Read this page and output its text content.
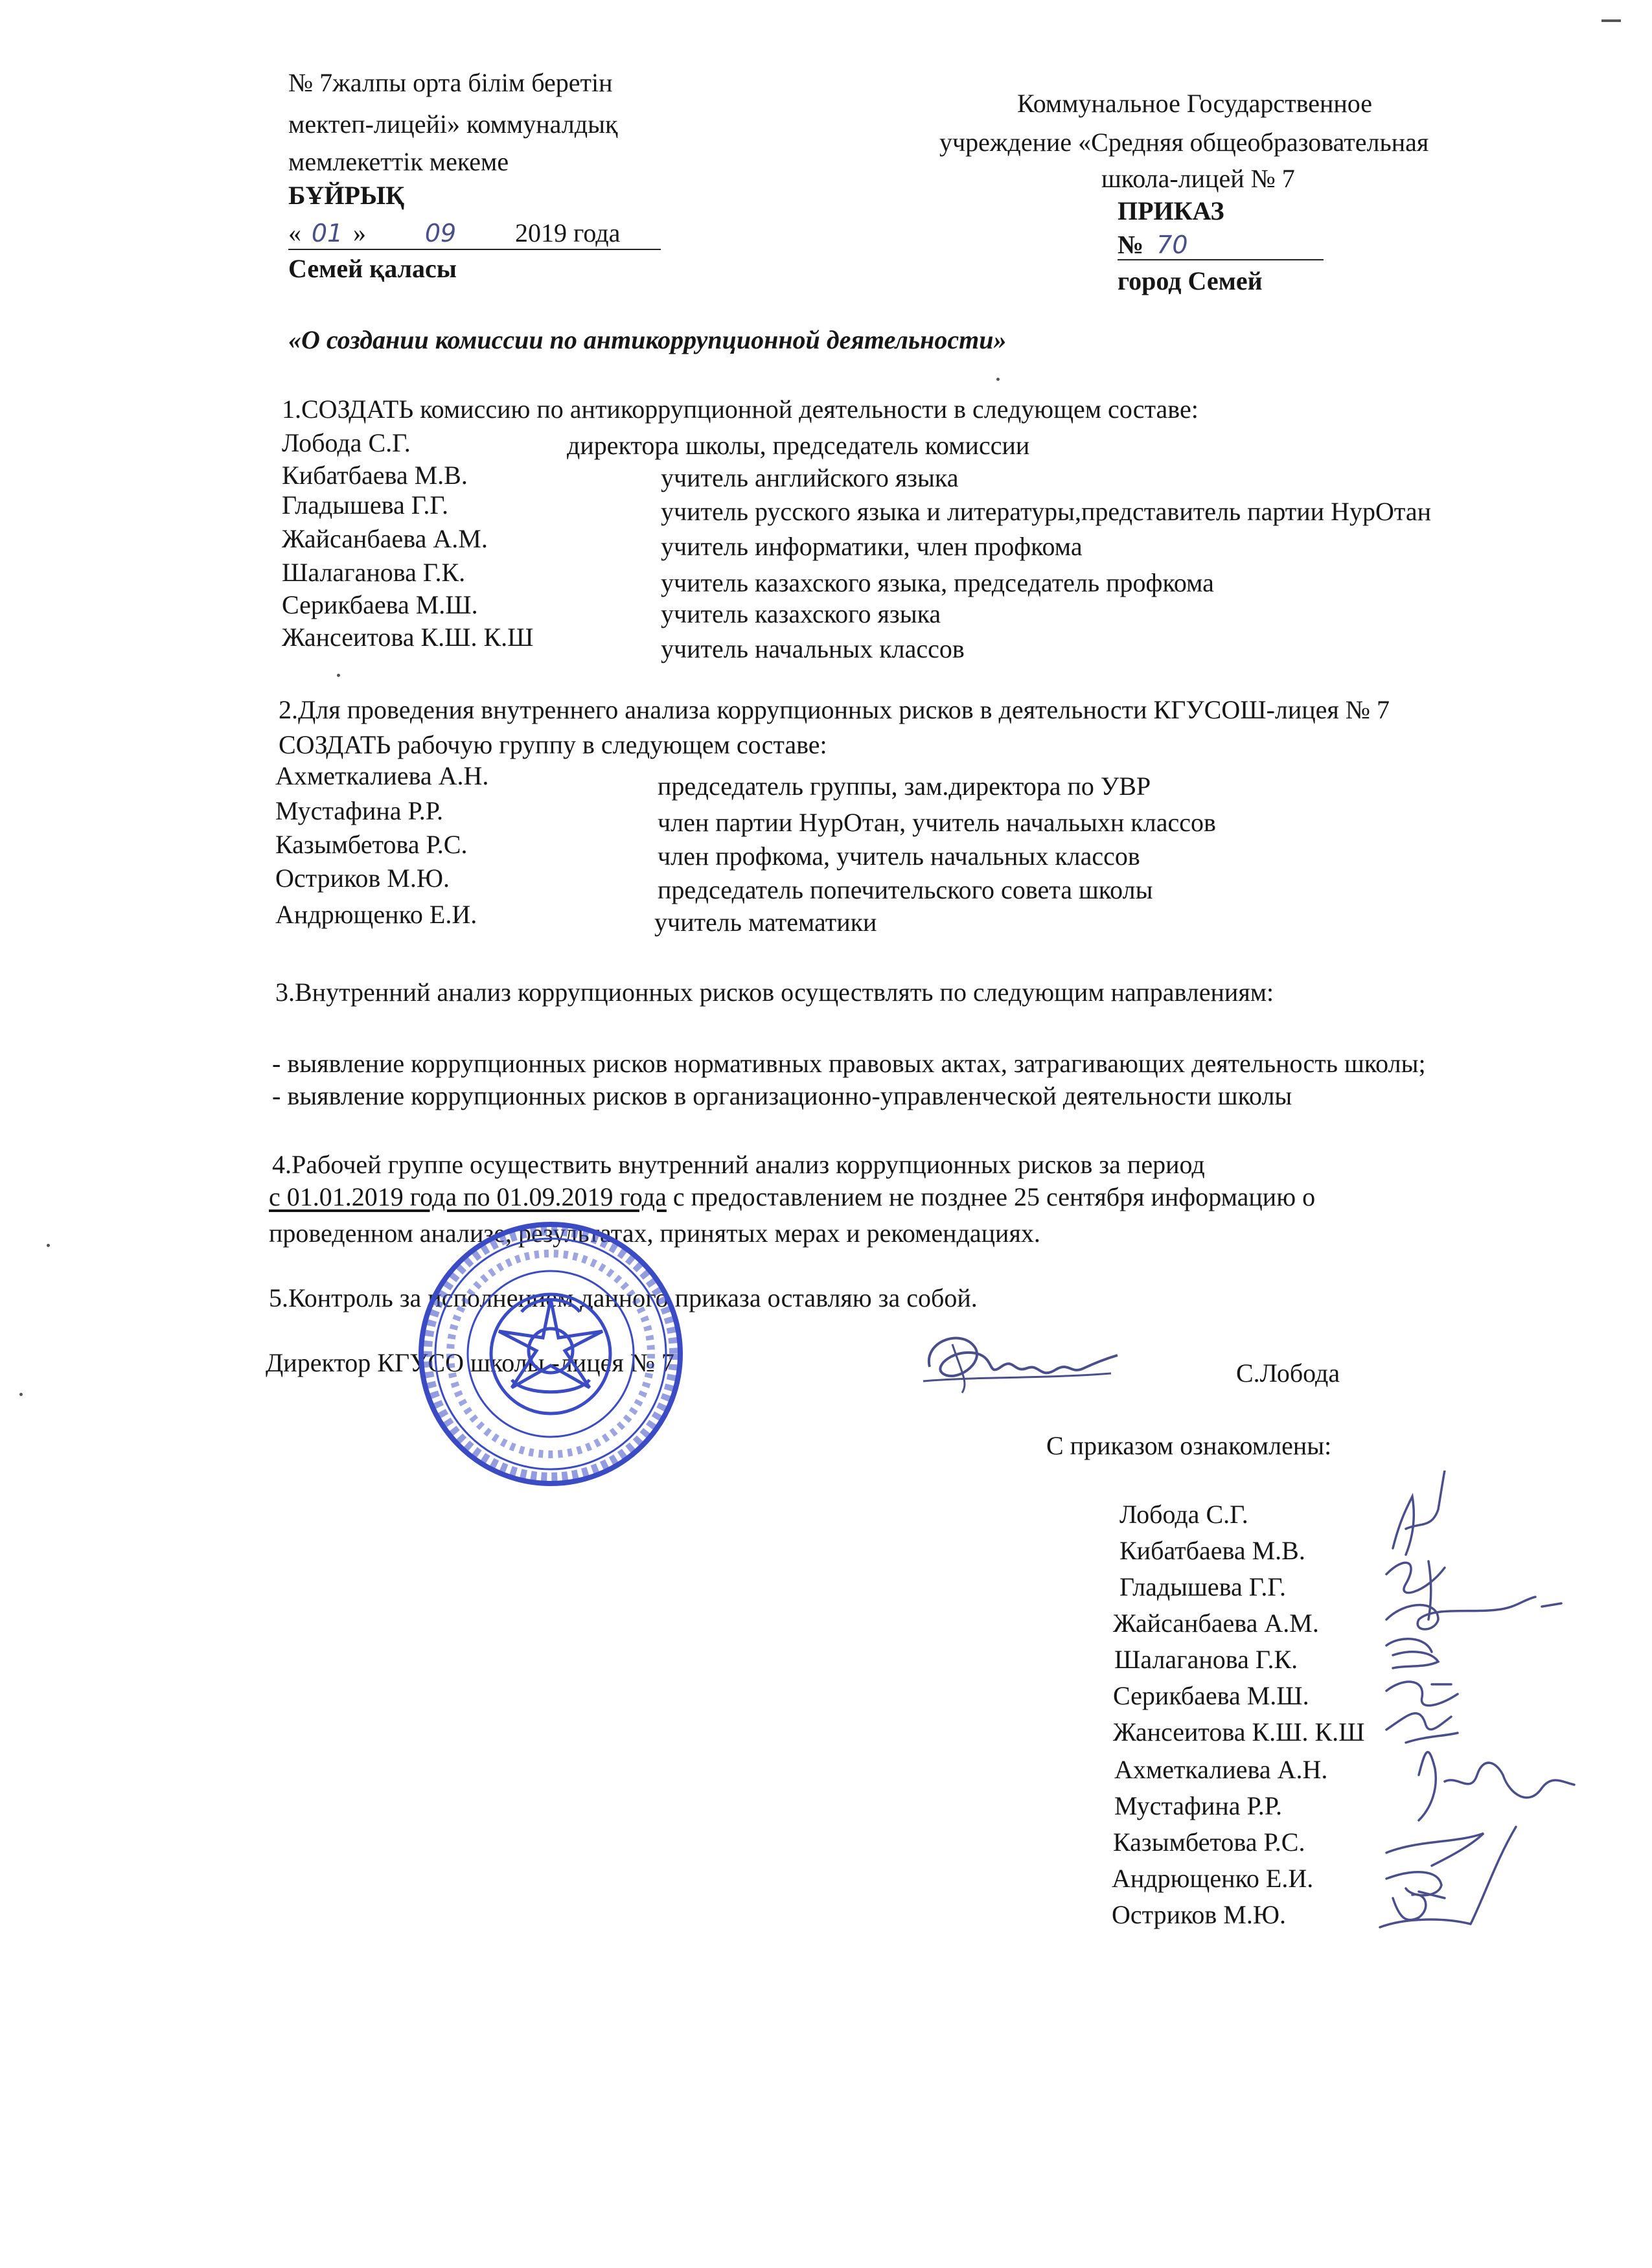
№ 7жалпы орта білім беретін
мектеп-лицейі» коммуналдық
мемлекеттік мекеме
БҰЙРЫҚ
« 01 » 09 2019 года
Семей қаласы
Коммунальное Государственное
учреждение «Средняя общеобразовательная
школа-лицей № 7
ПРИКАЗ
№ 70
город Семей
«О создании комиссии по антикоррупционной деятельности»
1.СОЗДАТЬ комиссию по антикоррупционной деятельности в следующем составе:
Лобода С.Г.	директора школы, председатель комиссии
Кибатбаева М.В.	учитель английского языка
Гладышева Г.Г.	учитель русского языка и литературы,представитель партии НурОтан
Жайсанбаева А.М.	учитель информатики, член профкома
Шалаганова Г.К.	учитель казахского языка, председатель профкома
Серикбаева М.Ш.	учитель казахского языка
Жансеитова К.Ш. К.Ш	учитель начальных классов
2.Для проведения внутреннего анализа коррупционных рисков в деятельности КГУСОШ-лицея № 7
СОЗДАТЬ рабочую группу в следующем составе:
Ахметкалиева А.Н.	председатель группы, зам.директора по УВР
Мустафина Р.Р.	член партии НурОтан, учитель начальыхн классов
Казымбетова Р.С.	член профкома, учитель начальных классов
Остриков М.Ю.	председатель попечительского совета школы
Андрющенко Е.И.	учитель математики
3.Внутренний анализ коррупционных рисков осуществлять по следующим направлениям:
- выявление коррупционных рисков нормативных правовых актах, затрагивающих деятельность школы;
- выявление коррупционных рисков в организационно-управленческой деятельности школы
4.Рабочей группе осуществить внутренний анализ коррупционных рисков за период
с 01.01.2019 года по 01.09.2019 года с предоставлением не позднее 25 сентября информацию о
проведенном анализе, результатах, принятых мерах и рекомендациях.
5.Контроль за исполнением данного приказа оставляю за собой.
Директор КГУСО школы -лицея № 7	С.Лобода
С приказом ознакомлены:
Лобода С.Г.
Кибатбаева М.В.
Гладышева Г.Г.
Жайсанбаева А.М.
Шалаганова Г.К.
Серикбаева М.Ш.
Жансеитова К.Ш. К.Ш
Ахметкалиева А.Н.
Мустафина Р.Р.
Казымбетова Р.С.
Андрющенко Е.И.
Остриков М.Ю.
